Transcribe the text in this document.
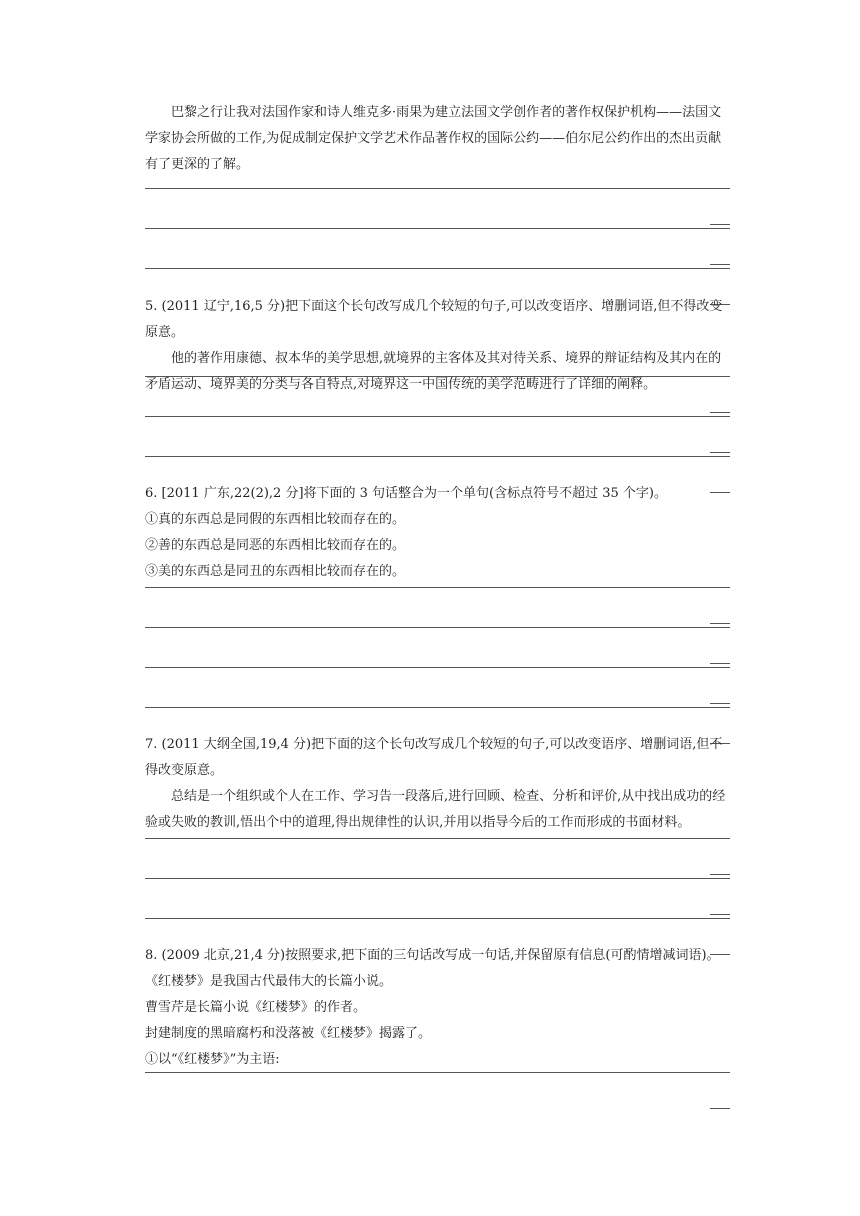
巴黎之行让我对法国作家和诗人维克多·雨果为建立法国文学创作者的著作权保护机构——法国文学家协会所做的工作,为促成制定保护文学艺术作品著作权的国际公约——伯尔尼公约作出的杰出贡献有了更深的了解。

5. (2011 辽宁,16,5 分)把下面这个长句改写成几个较短的句子,可以改变语序、增删词语,但不得改变原意。

他的著作用康德、叔本华的美学思想,就境界的主客体及其对待关系、境界的辩证结构及其内在的矛盾运动、境界美的分类与各自特点,对境界这一中国传统的美学范畴进行了详细的阐释。

6. [2011 广东,22(2),2 分]将下面的 3 句话整合为一个单句(含标点符号不超过 35 个字)。

①真的东西总是同假的东西相比较而存在的。

②善的东西总是同恶的东西相比较而存在的。

③美的东西总是同丑的东西相比较而存在的。

7. (2011 大纲全国,19,4 分)把下面的这个长句改写成几个较短的句子,可以改变语序、增删词语,但不得改变原意。

总结是一个组织或个人在工作、学习告一段落后,进行回顾、检查、分析和评价,从中找出成功的经验或失败的教训,悟出个中的道理,得出规律性的认识,并用以指导今后的工作而形成的书面材料。

8. (2009 北京,21,4 分)按照要求,把下面的三句话改写成一句话,并保留原有信息(可酌情增减词语)。

《红楼梦》是我国古代最伟大的长篇小说。

曹雪芹是长篇小说《红楼梦》的作者。

封建制度的黑暗腐朽和没落被《红楼梦》揭露了。

①以“《红楼梦》”为主语:
